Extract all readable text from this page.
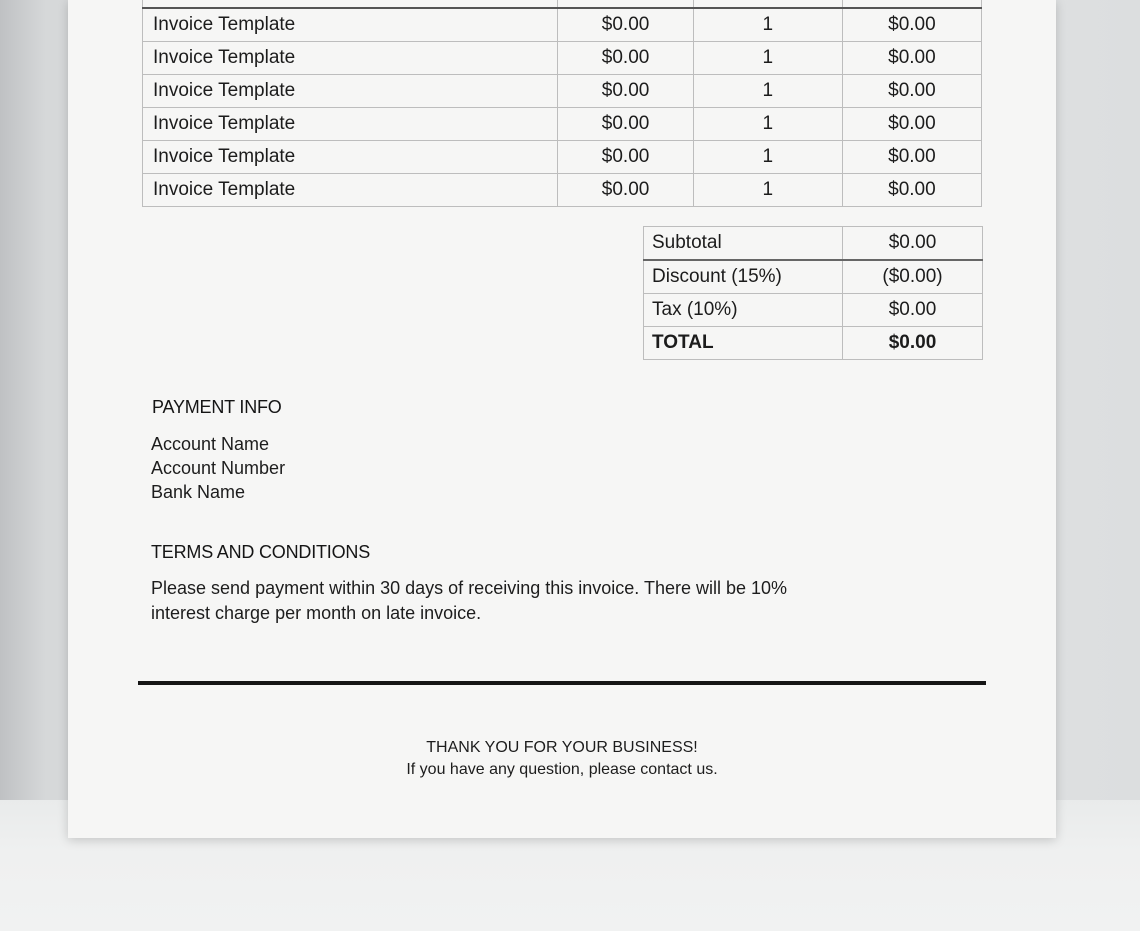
Invoice Template	$0.00	1	$0.00
Invoice Template	$0.00	1	$0.00
Invoice Template	$0.00	1	$0.00
Invoice Template	$0.00	1	$0.00
Invoice Template	$0.00	1	$0.00
Invoice Template	$0.00	1	$0.00
Subtotal	$0.00
Discount (15%)	($0.00)
Tax (10%)	$0.00
TOTAL	$0.00
PAYMENT INFO
Account Name
Account Number
Bank Name
TERMS AND CONDITIONS
Please send payment within 30 days of receiving this invoice. There will be 10% interest charge per month on late invoice.
THANK YOU FOR YOUR BUSINESS!
If you have any question, please contact us.
